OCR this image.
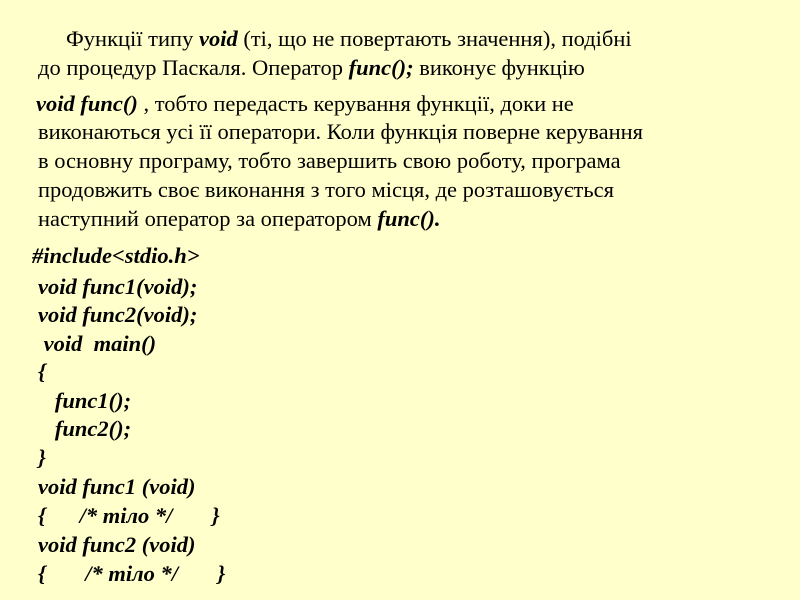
Функції типу void (ті, що не повертають значення), подібні
до процедур Паскаля. Оператор func(); виконує функцію
void func() , тобто передасть керування функції, доки не
виконаються усі її оператори. Коли функція поверне керування
в основну програму, тобто завершить свою роботу, програма
продовжить своє виконання з того місця, де розташовується
наступний оператор за оператором func().
#include<stdio.h>
void func1(void);
void func2(void);
void  main()
{
func1();
func2();
}
void func1 (void)
{      /* тіло */       }
void func2 (void)
{       /* тіло */       }
